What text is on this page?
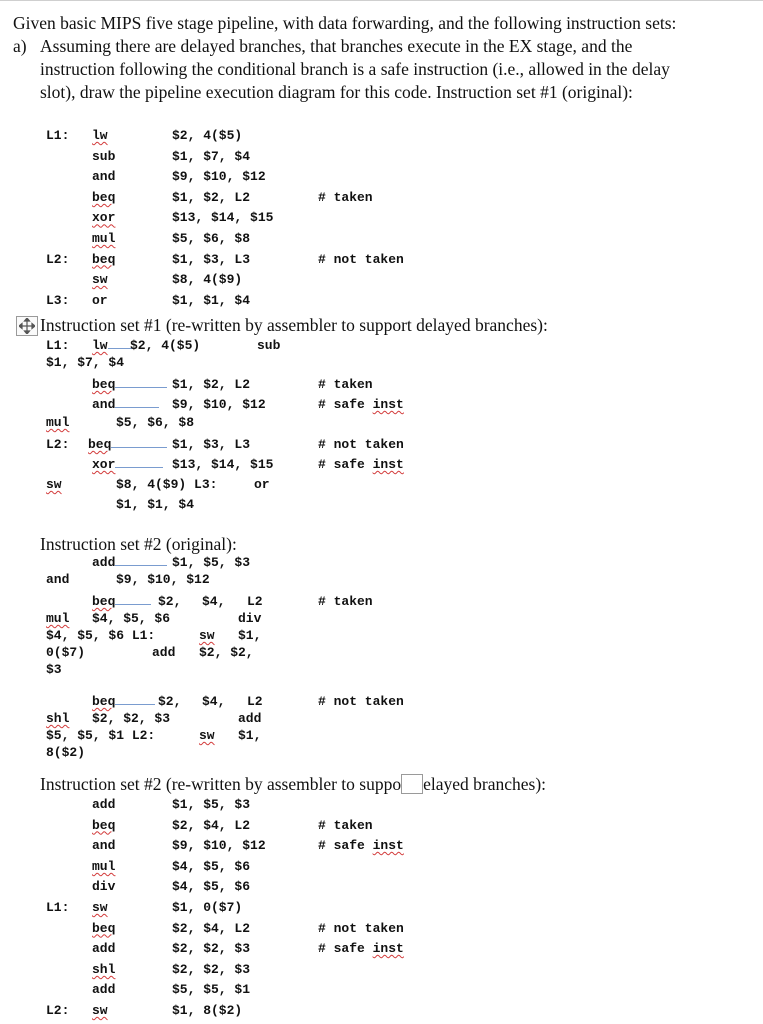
Given basic MIPS five stage pipeline, with data forwarding, and the following instruction sets:
a) Assuming there are delayed branches, that branches execute in the EX stage, and the
instruction following the conditional branch is a safe instruction (i.e., allowed in the delay
slot), draw the pipeline execution diagram for this code. Instruction set #1 (original):
L1: lw	$2, 4($5)
sub	$1, $7, $4
and	$9, $10, $12
beq	$1, $2, L2	# taken
xor	$13, $14, $15
mul	$5, $6, $8
L2: beq	$1, $3, L3	# not taken
sw	$8, 4($9)
L3: or	$1, $1, $4
Instruction set #1 (re-written by assembler to support delayed branches):
L1: lw	$2, 4($5)	sub
$1, $7, $4
beq	$1, $2, L2	# taken
and	$9, $10, $12	# safe inst
mul	$5, $6, $8
L2: beq	$1, $3, L3	# not taken
xor	$13, $14, $15	# safe inst
sw	$8, 4($9) L3:	or
$1, $1, $4
Instruction set #2 (original):
add	$1, $5, $3
and	$9, $10, $12
beq	$2, $4, L2	# taken
mul $4, $5, $6	div
$4, $5, $6 L1:	sw $1,
0($7)	add $2, $2,
$3
beq	$2, $4, L2	# not taken
shl $2, $2, $3	add
$5, $5, $1 L2:	sw $1,
8($2)
Instruction set #2 (re-written by assembler to suppo elayed branches):
add	$1, $5, $3
beq	$2, $4, L2	# taken
and	$9, $10, $12	# safe inst
mul	$4, $5, $6
div	$4, $5, $6
L1: sw	$1, 0($7)
beq	$2, $4, L2	# not taken
add	$2, $2, $3	# safe inst
shl	$2, $2, $3
add	$5, $5, $1
L2: sw	$1, 8($2)
